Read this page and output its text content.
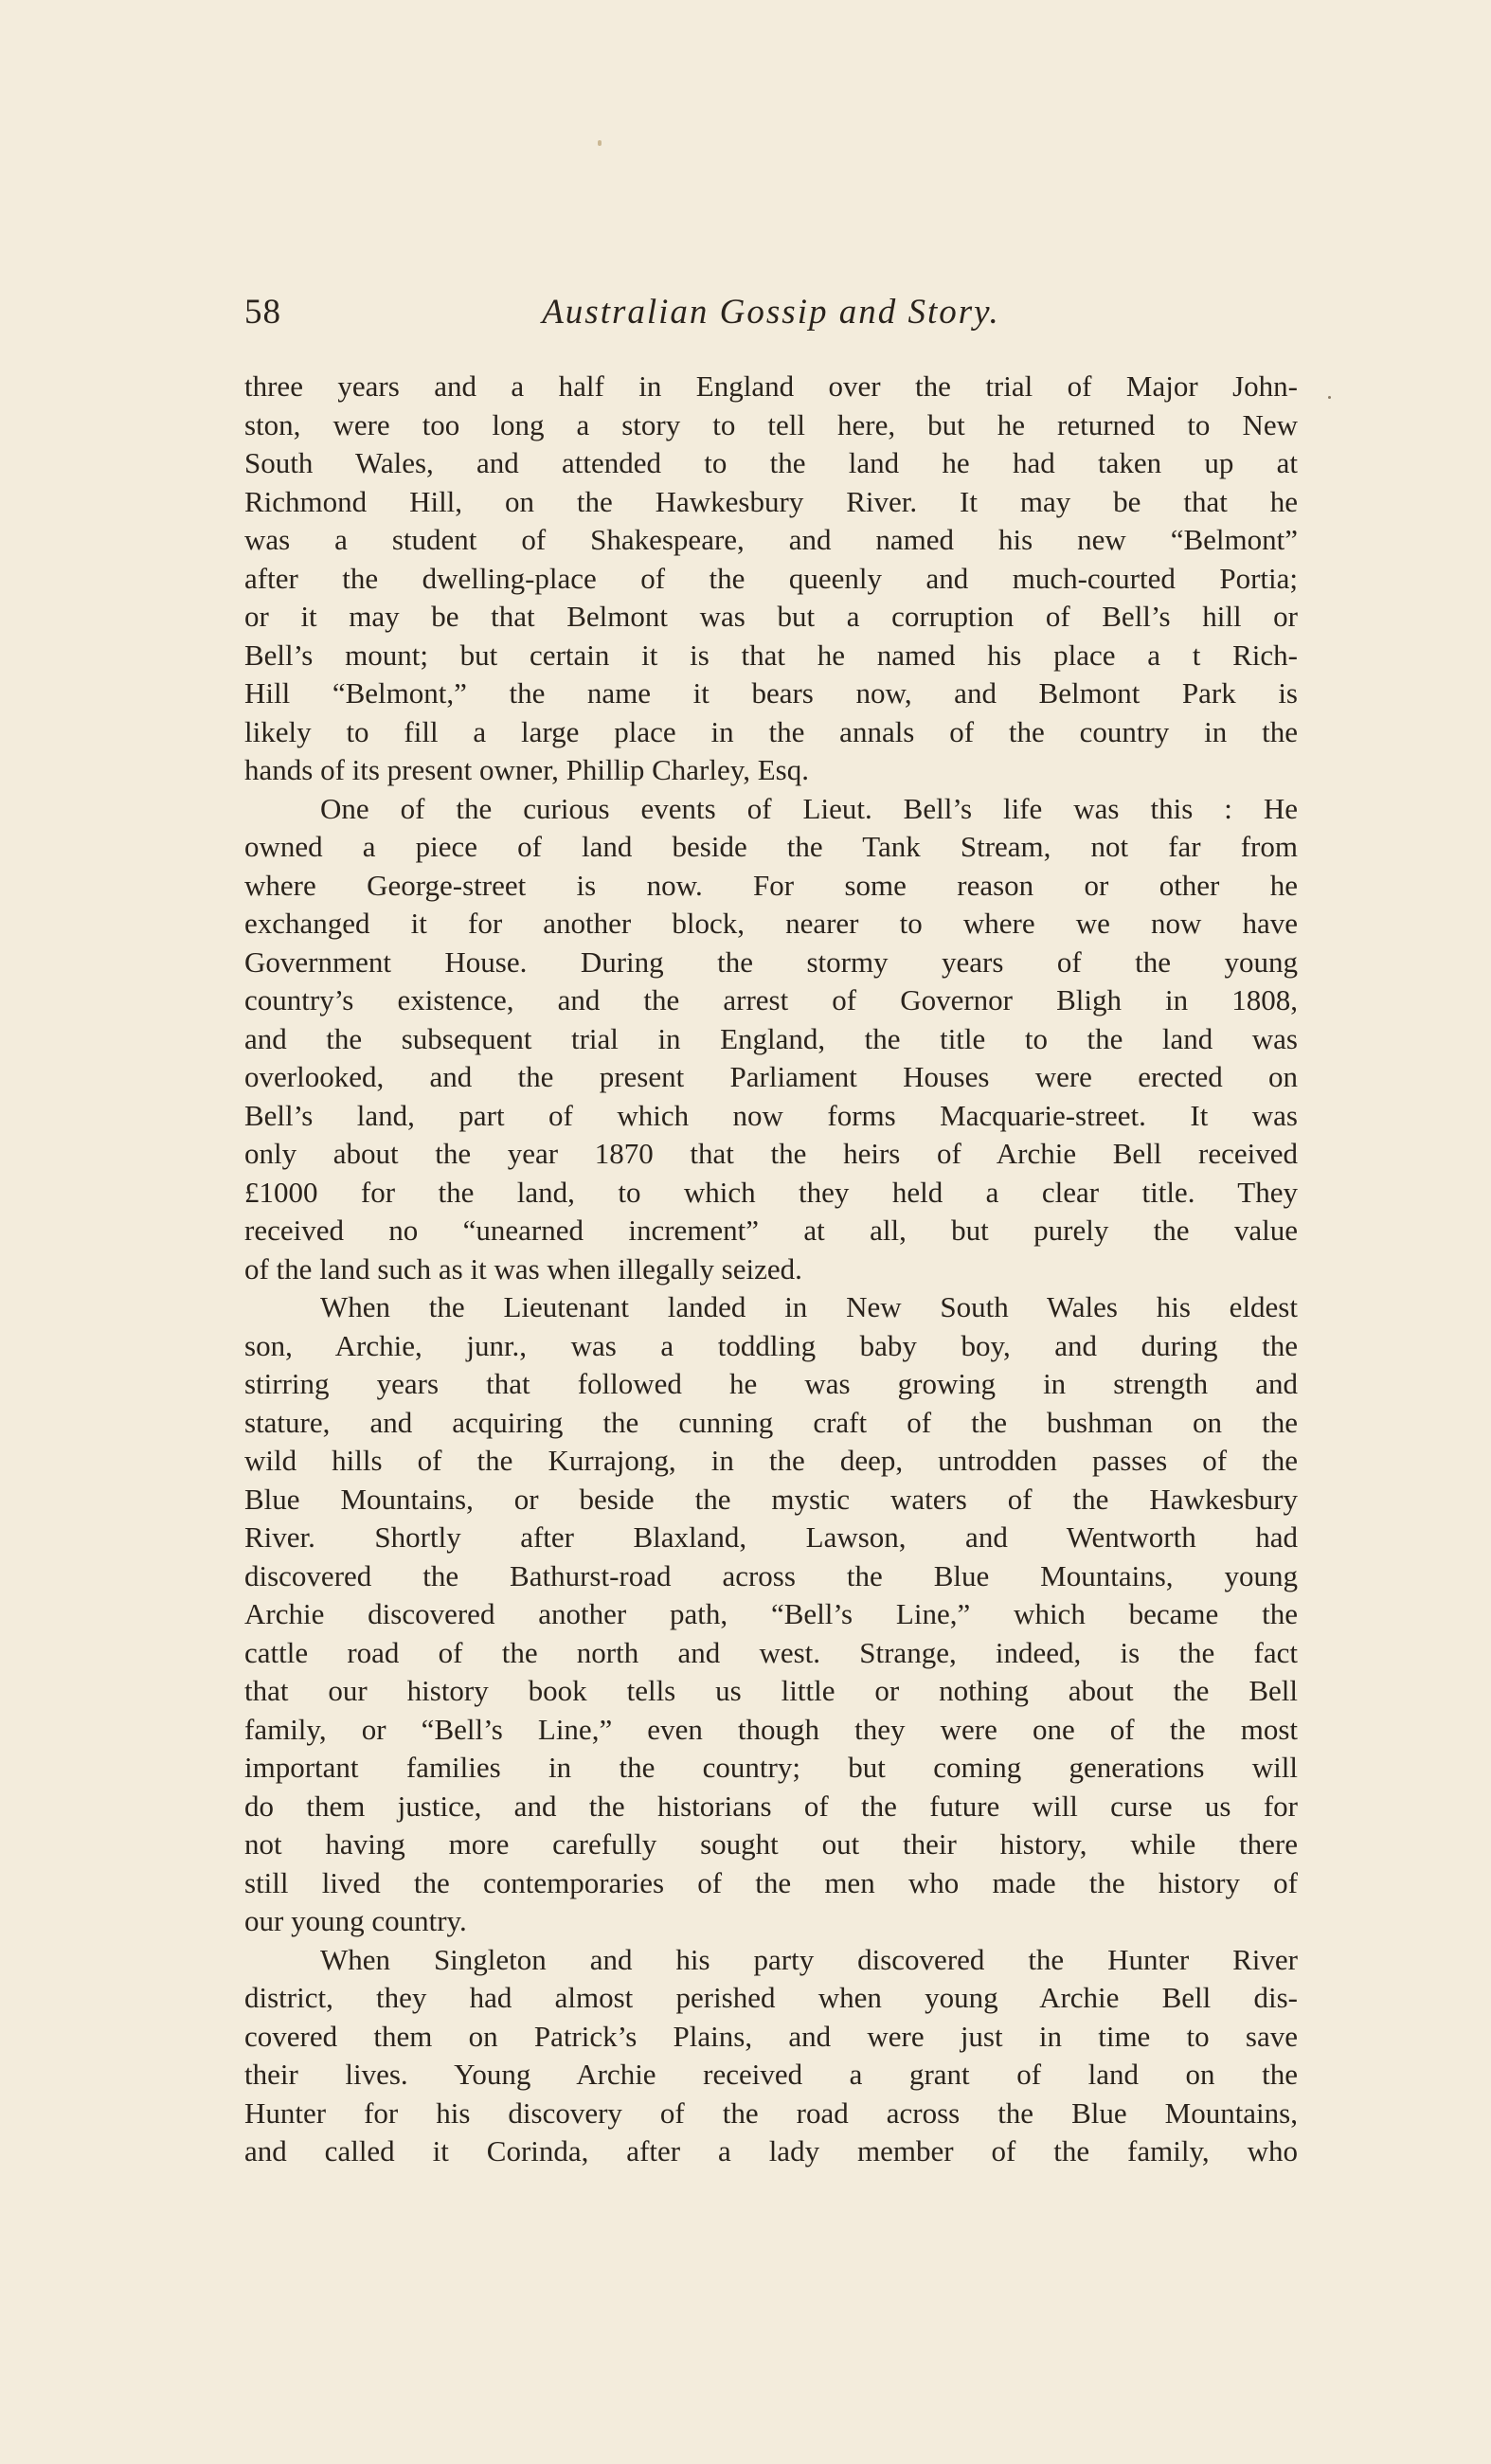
58	Australian Gossip and Story.
three years and a half in England over the trial of Major John-
ston, were too long a story to tell here, but he returned to New
South Wales, and attended to the land he had taken up at
Richmond Hill, on the Hawkesbury River. It may be that he
was a student of Shakespeare, and named his new “Belmont”
after the dwelling-place of the queenly and much-courted Portia;
or it may be that Belmont was but a corruption of Bell’s hill or
Bell’s mount; but certain it is that he named his place a t Rich-
Hill “Belmont,” the name it bears now, and Belmont Park is
likely to fill a large place in the annals of the country in the
hands of its present owner, Phillip Charley, Esq.
One of the curious events of Lieut. Bell’s life was this : He
owned a piece of land beside the Tank Stream, not far from
where George-street is now. For some reason or other he
exchanged it for another block, nearer to where we now have
Government House. During the stormy years of the young
country’s existence, and the arrest of Governor Bligh in 1808,
and the subsequent trial in England, the title to the land was
overlooked, and the present Parliament Houses were erected on
Bell’s land, part of which now forms Macquarie-street. It was
only about the year 1870 that the heirs of Archie Bell received
£1000 for the land, to which they held a clear title. They
received no “unearned increment” at all, but purely the value
of the land such as it was when illegally seized.
When the Lieutenant landed in New South Wales his eldest
son, Archie, junr., was a toddling baby boy, and during the
stirring years that followed he was growing in strength and
stature, and acquiring the cunning craft of the bushman on the
wild hills of the Kurrajong, in the deep, untrodden passes of the
Blue Mountains, or beside the mystic waters of the Hawkesbury
River. Shortly after Blaxland, Lawson, and Wentworth had
discovered the Bathurst-road across the Blue Mountains, young
Archie discovered another path, “Bell’s Line,” which became the
cattle road of the north and west. Strange, indeed, is the fact
that our history book tells us little or nothing about the Bell
family, or “Bell’s Line,” even though they were one of the most
important families in the country; but coming generations will
do them justice, and the historians of the future will curse us for
not having more carefully sought out their history, while there
still lived the contemporaries of the men who made the history of
our young country.
When Singleton and his party discovered the Hunter River
district, they had almost perished when young Archie Bell dis-
covered them on Patrick’s Plains, and were just in time to save
their lives. Young Archie received a grant of land on the
Hunter for his discovery of the road across the Blue Mountains,
and called it Corinda, after a lady member of the family, who
